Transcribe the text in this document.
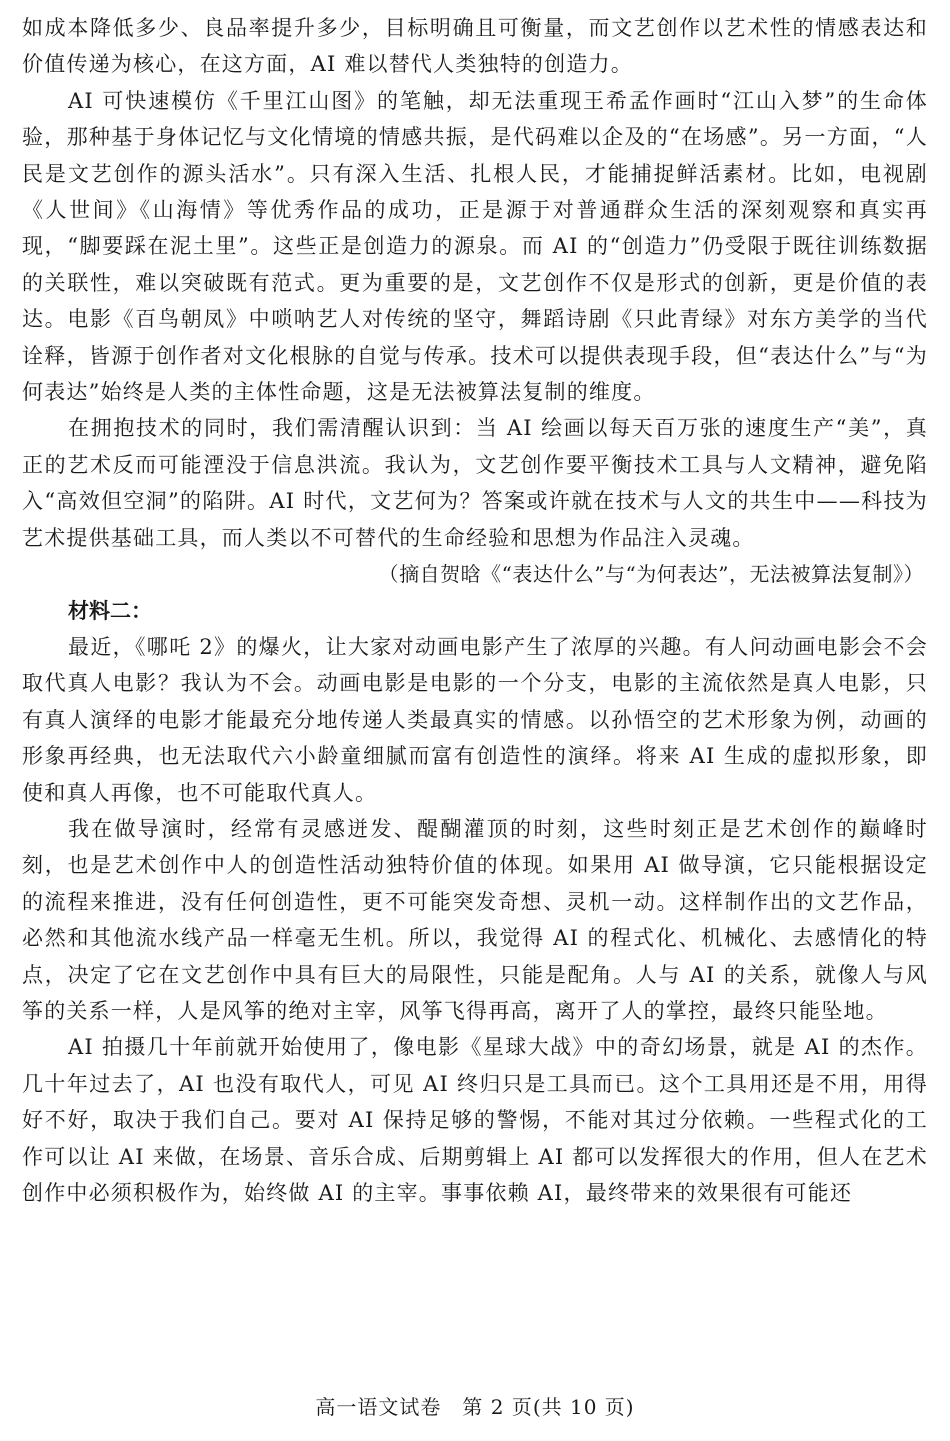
如成本降低多少、良品率提升多少，目标明确且可衡量，而文艺创作以艺术性的情感表达和价值传递为核心，在这方面，AI 难以替代人类独特的创造力。

AI 可快速模仿《千里江山图》的笔触，却无法重现王希孟作画时“江山入梦”的生命体验，那种基于身体记忆与文化情境的情感共振，是代码难以企及的“在场感”。另一方面，“人民是文艺创作的源头活水”。只有深入生活、扎根人民，才能捕捉鲜活素材。比如，电视剧《人世间》《山海情》等优秀作品的成功，正是源于对普通群众生活的深刻观察和真实再现，“脚要踩在泥土里”。这些正是创造力的源泉。而 AI 的“创造力”仍受限于既往训练数据的关联性，难以突破既有范式。更为重要的是，文艺创作不仅是形式的创新，更是价值的表达。电影《百鸟朝凤》中唢呐艺人对传统的坚守，舞蹈诗剧《只此青绿》对东方美学的当代诠释，皆源于创作者对文化根脉的自觉与传承。技术可以提供表现手段，但“表达什么”与“为何表达”始终是人类的主体性命题，这是无法被算法复制的维度。

在拥抱技术的同时，我们需清醒认识到：当 AI 绘画以每天百万张的速度生产“美”，真正的艺术反而可能湮没于信息洪流。我认为，文艺创作要平衡技术工具与人文精神，避免陷入“高效但空洞”的陷阱。AI 时代，文艺何为？答案或许就在技术与人文的共生中——科技为艺术提供基础工具，而人类以不可替代的生命经验和思想为作品注入灵魂。

（摘自贺晗《“表达什么”与“为何表达”，无法被算法复制》）

材料二：

最近，《哪吒 2》的爆火，让大家对动画电影产生了浓厚的兴趣。有人问动画电影会不会取代真人电影？我认为不会。动画电影是电影的一个分支，电影的主流依然是真人电影，只有真人演绎的电影才能最充分地传递人类最真实的情感。以孙悟空的艺术形象为例，动画的形象再经典，也无法取代六小龄童细腻而富有创造性的演绎。将来 AI 生成的虚拟形象，即使和真人再像，也不可能取代真人。

我在做导演时，经常有灵感迸发、醍醐灌顶的时刻，这些时刻正是艺术创作的巅峰时刻，也是艺术创作中人的创造性活动独特价值的体现。如果用 AI 做导演，它只能根据设定的流程来推进，没有任何创造性，更不可能突发奇想、灵机一动。这样制作出的文艺作品，必然和其他流水线产品一样毫无生机。所以，我觉得 AI 的程式化、机械化、去感情化的特点，决定了它在文艺创作中具有巨大的局限性，只能是配角。人与 AI 的关系，就像人与风筝的关系一样，人是风筝的绝对主宰，风筝飞得再高，离开了人的掌控，最终只能坠地。

AI 拍摄几十年前就开始使用了，像电影《星球大战》中的奇幻场景，就是 AI 的杰作。几十年过去了，AI 也没有取代人，可见 AI 终归只是工具而已。这个工具用还是不用，用得好不好，取决于我们自己。要对 AI 保持足够的警惕，不能对其过分依赖。一些程式化的工作可以让 AI 来做，在场景、音乐合成、后期剪辑上 AI 都可以发挥很大的作用，但人在艺术创作中必须积极作为，始终做 AI 的主宰。事事依赖 AI，最终带来的效果很有可能还

高一语文试卷　第 2 页(共 10 页)
